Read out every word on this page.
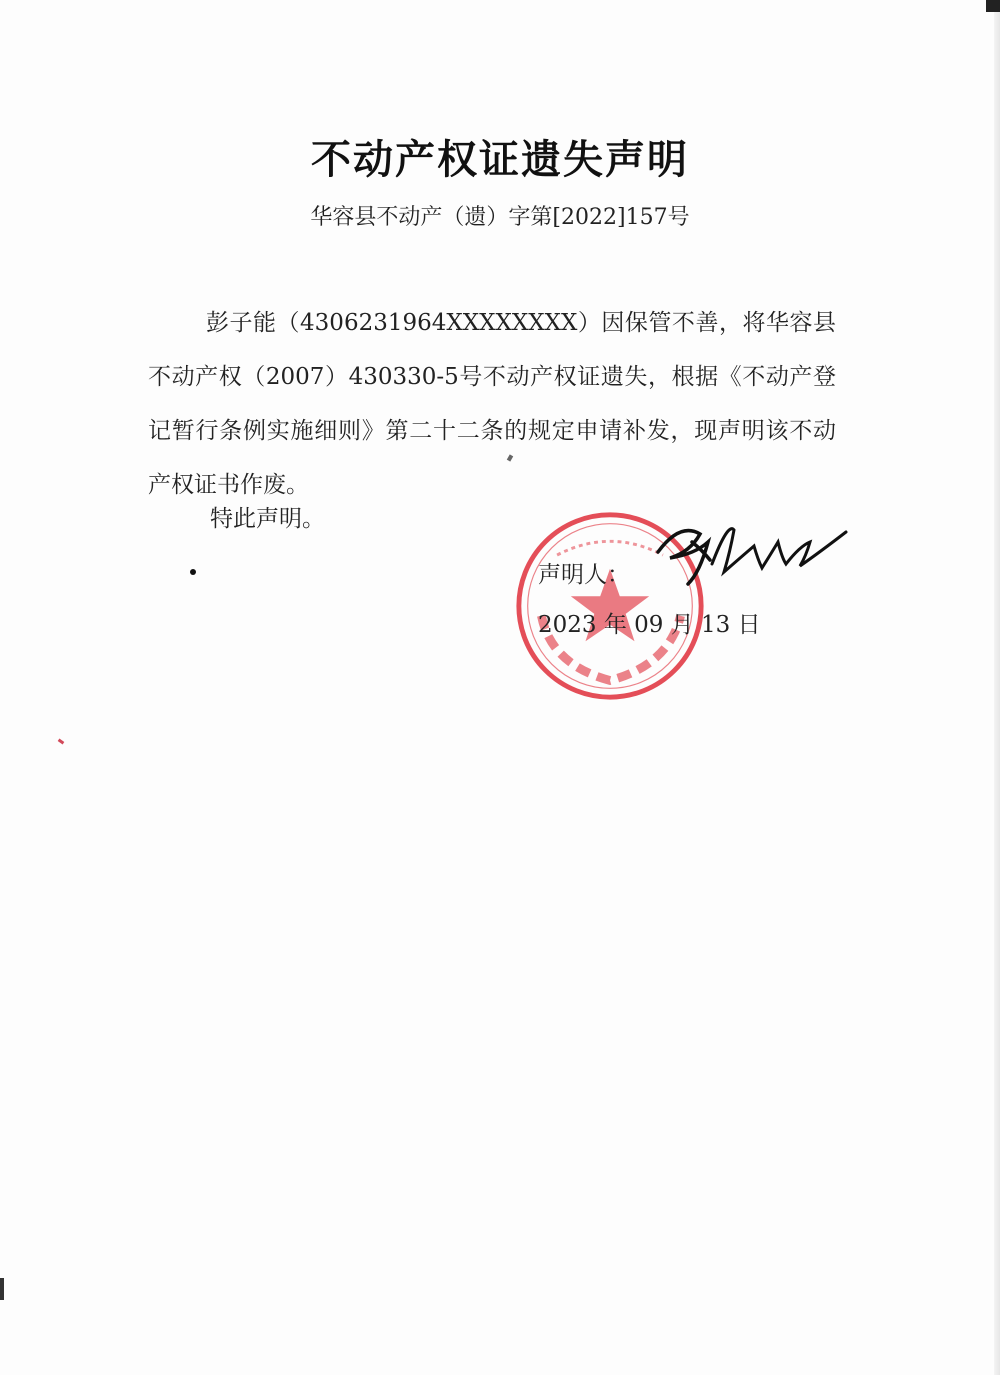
不动产权证遗失声明
华容县不动产（遗）字第[2022]157号
彭子能（4306231964XXXXXXXX）因保管不善，将华容县不动产权（2007）430330-5号不动产权证遗失，根据《不动产登记暂行条例实施细则》第二十二条的规定申请补发，现声明该不动产权证书作废。
特此声明。
声明人：
2023 年 09 月 13 日
